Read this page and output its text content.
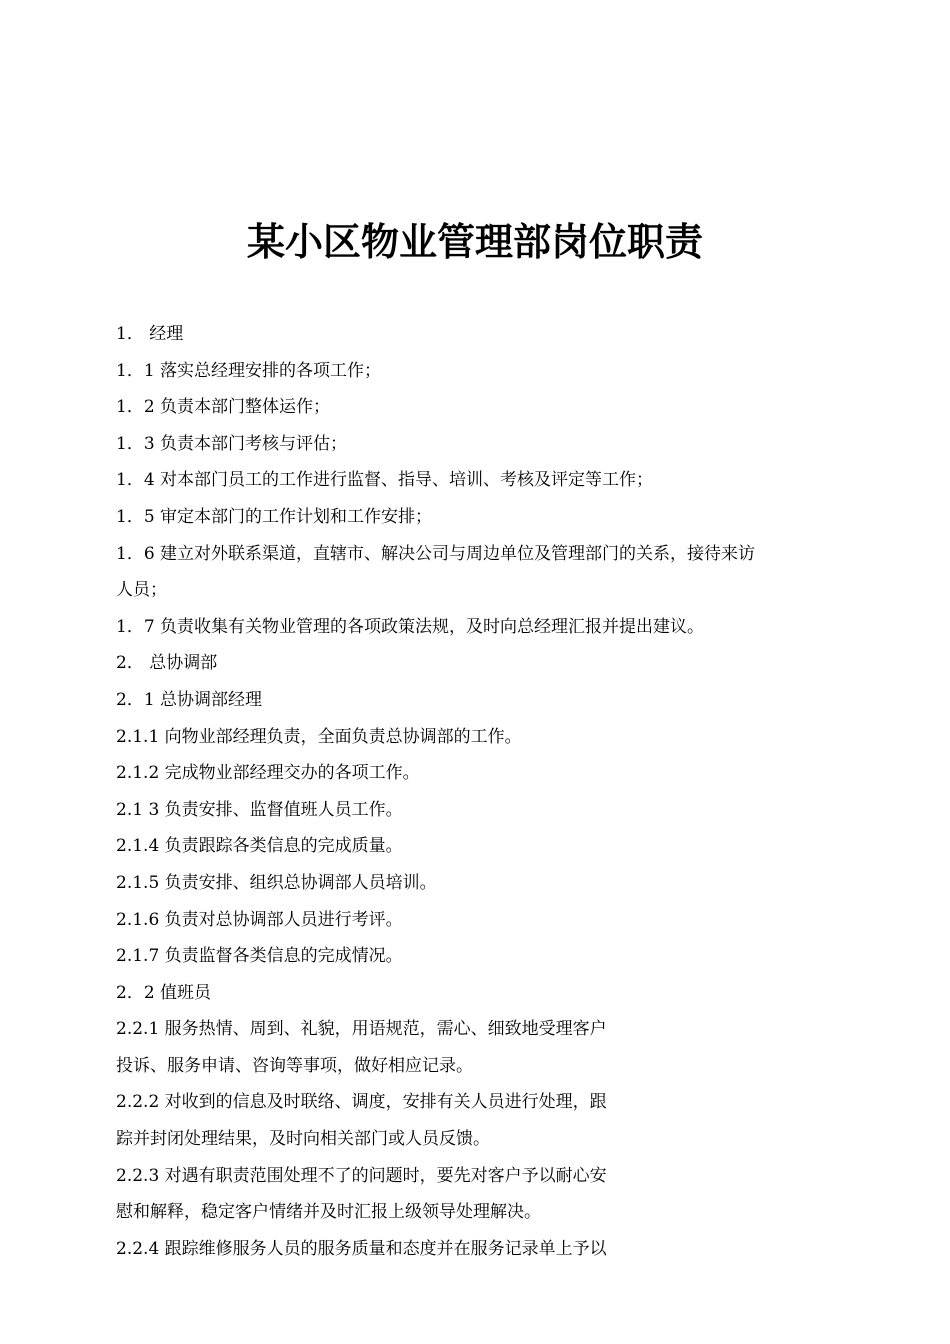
某小区物业管理部岗位职责
1． 经理
1．1 落实总经理安排的各项工作；
1．2 负责本部门整体运作；
1．3 负责本部门考核与评估；
1．4 对本部门员工的工作进行监督、指导、培训、考核及评定等工作；
1．5 审定本部门的工作计划和工作安排；
1．6 建立对外联系渠道，直辖市、解决公司与周边单位及管理部门的关系，接待来访
人员；
1．7 负责收集有关物业管理的各项政策法规，及时向总经理汇报并提出建议。
2． 总协调部
2．1 总协调部经理
2.1.1 向物业部经理负责，全面负责总协调部的工作。
2.1.2 完成物业部经理交办的各项工作。
2.1 3 负责安排、监督值班人员工作。
2.1.4 负责跟踪各类信息的完成质量。
2.1.5 负责安排、组织总协调部人员培训。
2.1.6 负责对总协调部人员进行考评。
2.1.7 负责监督各类信息的完成情况。
2．2 值班员
2.2.1 服务热情、周到、礼貌，用语规范，需心、细致地受理客户
投诉、服务申请、咨询等事项，做好相应记录。
2.2.2 对收到的信息及时联络、调度，安排有关人员进行处理，跟
踪并封闭处理结果，及时向相关部门或人员反馈。
2.2.3 对遇有职责范围处理不了的问题时，要先对客户予以耐心安
慰和解释，稳定客户情绪并及时汇报上级领导处理解决。
2.2.4 跟踪维修服务人员的服务质量和态度并在服务记录单上予以
